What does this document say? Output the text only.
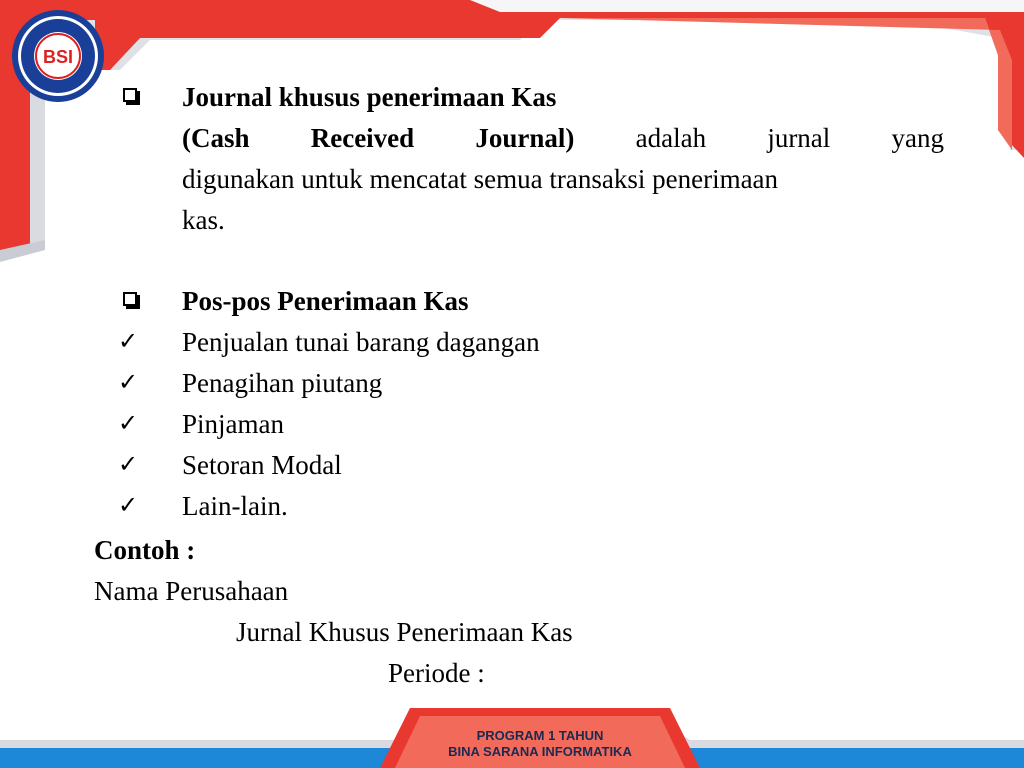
BSI
PROGRAM 1 TAHUN
BINA SARANA INFORMATIKA
Journal khusus penerimaan Kas
(Cash Received Journal) adalah jurnal yang
digunakan untuk mencatat semua transaksi penerimaan
kas.
Pos-pos Penerimaan Kas
✓ Penjualan tunai barang dagangan
✓ Penagihan piutang
✓ Pinjaman
✓ Setoran Modal
✓ Lain-lain.
Contoh :
Nama Perusahaan
Jurnal Khusus Penerimaan Kas
Periode :
